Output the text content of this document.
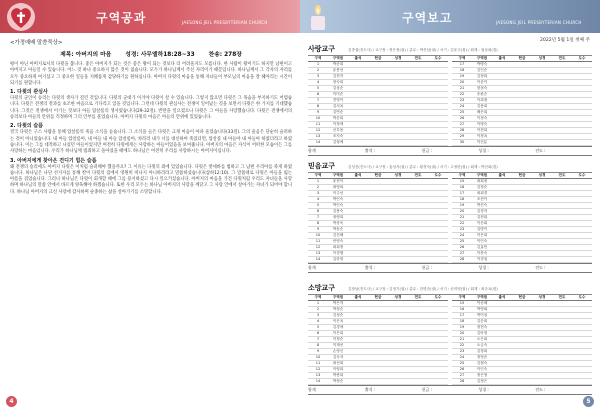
구역공과	JAESONG JEIL PRESBYTERIAN CHURCH
<가정예배 말씀묵상>
제목: 아버지의 마음 성경: 사무엘하18:28~33 찬송: 278장
평이 아닌 아버지로서의 다윗을 봅니다. 좋은 아버지가 되는 것은 좋은 왕이 되는 것보다 더 어려울지도 모릅니다. 한 사람이 왕이기도 하지만 남편이고 아버지고 아들일 수 있습니다. 어느 것 하나 중요하지 않은 것이 없습니다. 모두가 하나님께서 주신 자리이기 때문입니다. 하나님께서 그 각자의 자리를 모두 중요하게 여기셨고 그 중요한 일들을 지혜롭게 감당하기를 원하십니다. 아버지 다윗의 마음을 통해 자녀들이 부모님의 마음을 잘 헤아리는 시간이 되기를 원합니다.
1. 다윗의 관심사
다윗의 군인이 승리는 다윗의 생사가 걸린 것입니다. 다윗의 군대가 이겨야 다윗이 살 수 있습니다. 그렇지 않으면 다윗은 그 목숨을 부지하기도 어렵습니다. 다윗은 전쟁의 결과를 초조한 마음으로 기다리고 있을 것입니다. 그런데 다윗의 관심사는 전쟁이 일어났는 것을 보면서 다윗은 한 가지를 기대했습니다. 그것은 전쟁에서 이기는 것보다 아들 압살롬의 생사였습니다(29-32절). 반란을 일으켰으나 다윗은 그 아들을 사랑했습니다. 다윗은 전쟁에서의 승리보다 아들의 안위를 걱정하며 그의 안부를 물었습니다. 아버지 다윗의 마음은 아들의 안위에 있었습니다.
2. 다윗의 슬픔
결국 다윗은 구스 사람을 통해 압살롬의 죽음 소식을 듣습니다. 그 소식을 들은 다윗은 크게 마음이 아파 울었습니다(33절). 그의 울음은 단순히 슬퍼하는 것이 아니었습니다. 내 아들 압살롬아, 내 아들 내 아들 압살롬아, 차라리 내가 너를 대신하여 죽었더면, 압살롬 내 아들아 내 아들아 하였더라고 하였습니다. 이는 그를 대적하고 나섰던 아들이었지만 여전히 다윗에게는 사랑하는 아들이었음을 보여줍니다. 아버지의 마음은 자식이 어떠한 모습이든 그를 사랑하는 마음입니다. 우리가 하나님께 범죄하고 돌아섰을 때에도 하나님은 여전히 우리를 사랑하시는 아버지이십니다.
3. 아버지에게 찾아온 견디기 힘든 슬픔
왜 전쟁의 승리에도 아버지 다윗은 이처럼 슬퍼해야 했을까요? 그 이유는 다윗의 죄에 있었습니다. 다윗은 밧세바를 범하고 그 남편 우리아를 죽게 하였습니다. 하나님은 나단 선지자를 통해 칼이 다윗의 집에서 영원히 떠나지 아니하리라고 말씀하셨습니다(삼하12:10). 그 말씀대로 다윗은 아들을 잃는 아픔을 겪었습니다. 그러나 하나님은 다윗이 회개할 때에 그를 용서하셨고 다시 일으키셨습니다. 아버지의 마음을 가진 다윗처럼 우리도 자녀들을 사랑하며 하나님의 말씀 안에서 바르게 양육해야 하겠습니다. 또한 우리 모두는 하나님 아버지의 사랑을 깨닫고 그 사랑 안에서 살아가는 자녀가 되어야 합니다. 하나님 아버지의 크신 사랑에 감사하며 순종하는 삶을 살아가기를 소망합니다.
4
구역보고	JAESONG JEIL PRESBYTERIAN CHURCH
2022년 5월 1일 첫째 주
사랑교구	김종섭(전도사) / 교구장 : 정은정(권) / 총무 : 박종남(권) / 서기 : 김윤주(집) / 회계 : 권상희(집)
구역	구역원	출석	헌금	성경	전도	도수		구역	구역원	출석	헌금	성경	전도	도수
1	박준희							17	박명숙					
2	윤봉선							18	김인순					
3	김현자							19	김정희					
4	장숙희							20	이운이					
5	김상순							21	장점숙					
6	이미순							22	송판순					
7	전영이							23	이희정					
8	김서옥							24	김용희					
9	김연순							25	배은희					
10	박순희							26	이정숙					
11	이정애							27	이명숙					
12	신부용							28	이현희					
13	조지숙							29	이정옥					
14	김형예							30	이진분					
합계	출석 :	헌금 :	성경 :	전도 :
믿음교구	김성진(전도사) / 교구장 : 홍성자(권) / 총무 : 황경숙(권) / 서기 : 고정란(집) / 회계 : 박선희(집)
구역	구역원	출석	헌금	성경	전도	도수		구역	구역원	출석	헌금	성경	전도	도수
1	윤현석							15	최희정					
2	최영희							16	김정순					
3	이주선							17	최희경					
4	박인숙							18	조현이					
5	박인숙							19	박진숙					
6	김용숙							20	김경자					
7	장영희							21	김현희					
8	박상욱							22	이순회					
9	박동순							23	김명이					
10	김진혜							24	이은희					
11	안영숙							25	이인숙					
12	최희정							26	김효민					
13	이경행							27	이찬숙					
14	김하영							28	이경섭					
합계	출석 :	헌금 :	성경 :	전도 :
소망교구	김창남(전도사) / 교구장 : 김정기(권) / 총무 : 한명순(권) / 서기 : 송미영(집) / 회계 : 최순옥(집)
구역	구역원	출석	헌금	성경	전도	도수		구역	구역원	출석	헌금	성경	전도	도수
1	박은자							15	이송혜					
2	박칭순							16	박영회					
3	김성순							17	박이성					
4	이은옥							18	김순희					
5	김경애							19	정현숙					
6	이은희							20	김아영					
7	이정순							21	오은희					
8	이재선							22	오금숙					
9	손영신							23	김정희					
10	김숙자							24	정영준					
11	최선희							25	김철숙					
12	이영희							26	이인숙					
13	박충희							27	정은영					
14	박정순							28	김정은					
합계	출석 :	헌금 :	성경 :	전도 :
5
